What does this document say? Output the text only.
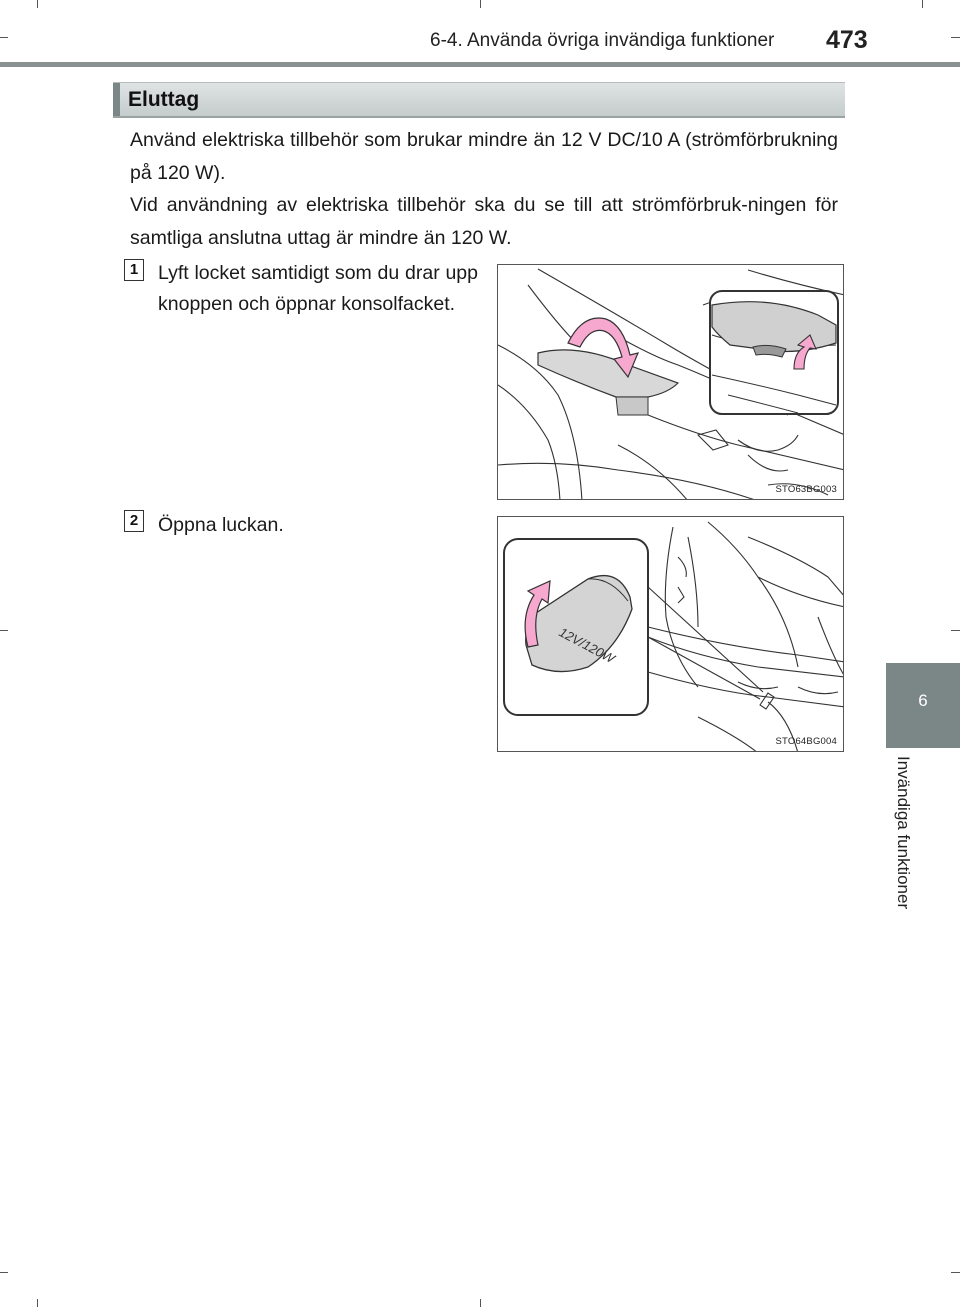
6-4. Använda övriga invändiga funktioner 473
Eluttag
Använd elektriska tillbehör som brukar mindre än 12 V DC/10 A (strömförbrukning på 120 W).
Vid användning av elektriska tillbehör ska du se till att strömförbruk-ningen för samtliga anslutna uttag är mindre än 120 W.
1 Lyft locket samtidigt som du drar upp knoppen och öppnar konsolfacket.
STO63BG003
2 Öppna luckan.
12V/120W
STO64BG004
6
Invändiga funktioner
